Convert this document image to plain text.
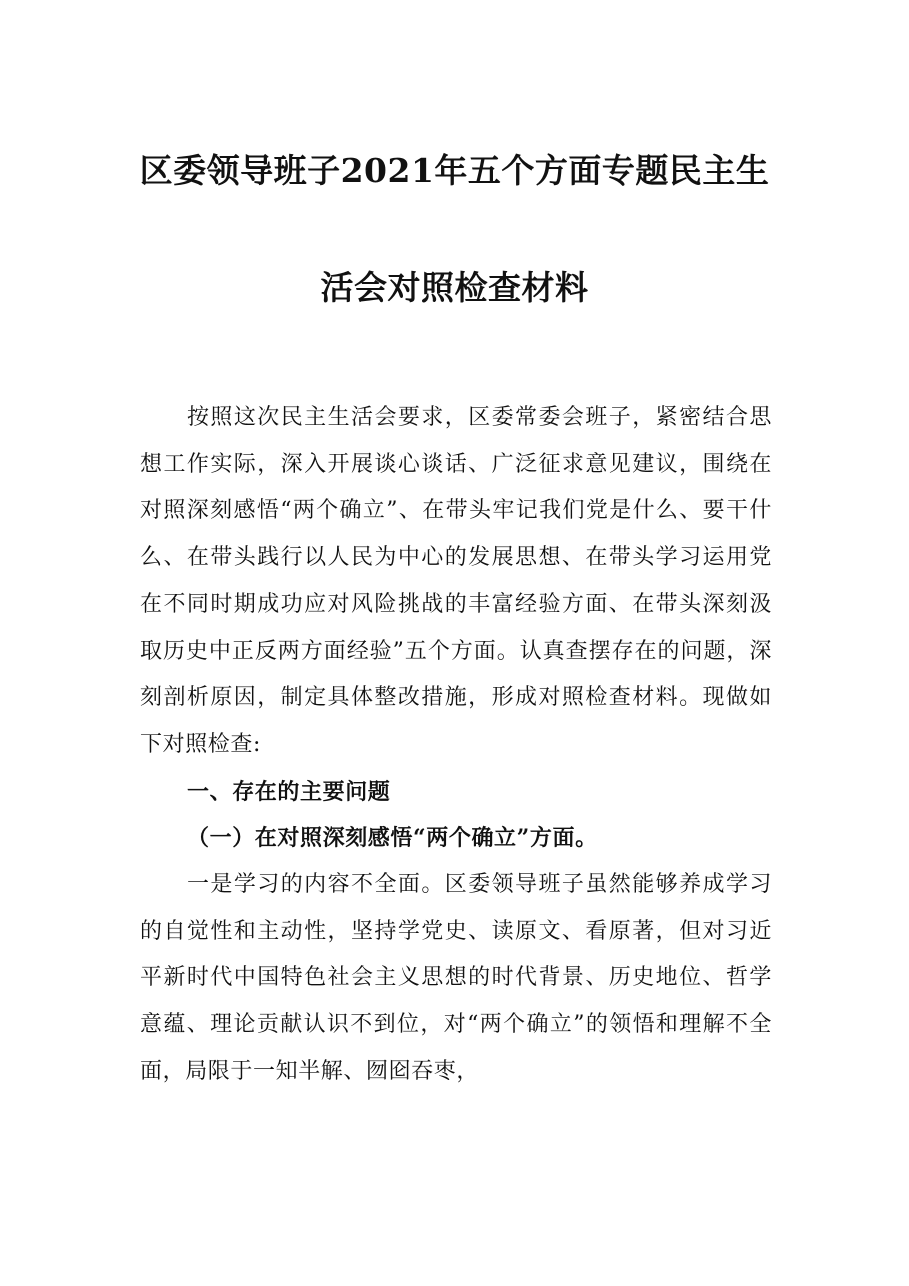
区委领导班子2021年五个方面专题民主生
活会对照检查材料

按照这次民主生活会要求，区委常委会班子，紧密结合思想工作实际，深入开展谈心谈话、广泛征求意见建议，围绕在对照深刻感悟“两个确立”、在带头牢记我们党是什么、要干什么、在带头践行以人民为中心的发展思想、在带头学习运用党在不同时期成功应对风险挑战的丰富经验方面、在带头深刻汲取历史中正反两方面经验”五个方面。认真查摆存在的问题，深刻剖析原因，制定具体整改措施，形成对照检查材料。现做如下对照检查:

一、存在的主要问题

（一）在对照深刻感悟“两个确立”方面。

一是学习的内容不全面。区委领导班子虽然能够养成学习的自觉性和主动性，坚持学党史、读原文、看原著，但对习近平新时代中国特色社会主义思想的时代背景、历史地位、哲学意蕴、理论贡献认识不到位，对“两个确立”的领悟和理解不全面，局限于一知半解、囫囵吞枣，
